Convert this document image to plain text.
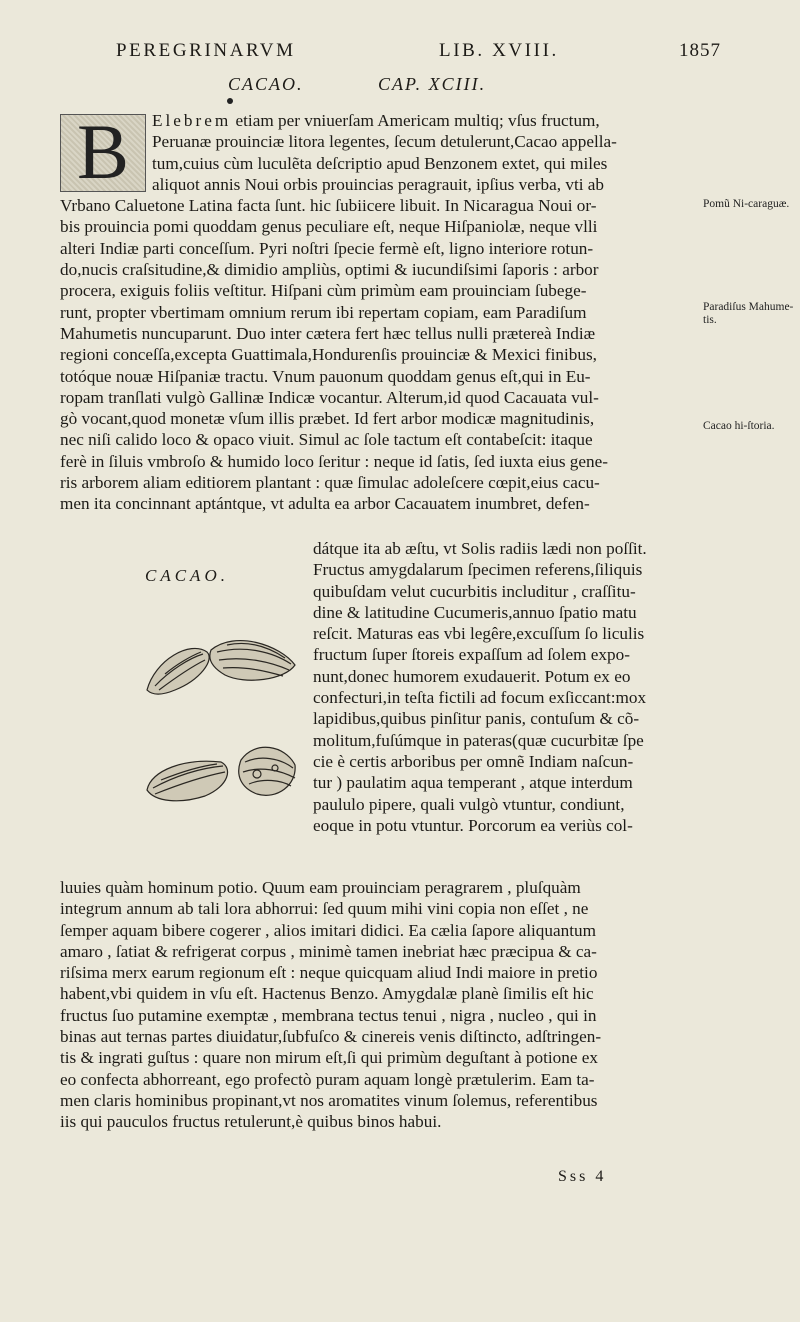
PEREGRINARVM	LIB. XVIII.	1857
CACAO.	CAP. XCIII.
B	Elebrem etiam per vniuerſam Americam multiq; vſus fructum,
Peruanæ prouinciæ litora legentes, ſecum detulerunt,Cacao appella-
tum,cuius cùm luculẽta deſcriptio apud Benzonem extet, qui miles
aliquot annis Noui orbis prouincias peragrauit, ipſius verba, vti ab
Vrbano Caluetone Latina facta ſunt. hic ſubiicere libuit. In Nicaragua Noui or-
bis prouincia pomi quoddam genus peculiare eſt, neque Hiſpaniolæ, neque vlli
alteri Indiæ parti conceſſum. Pyri noſtri ſpecie fermè eſt, ligno interiore rotun-
do,nucis craſsitudine,& dimidio ampliùs, optimi & iucundiſsimi ſaporis : arbor
procera, exiguis foliis veſtitur. Hiſpani cùm primùm eam prouinciam ſubege-
runt, propter vbertimam omnium rerum ibi repertam copiam, eam Paradiſum
Mahumetis nuncuparunt. Duo inter cætera fert hæc tellus nulli prætereà Indiæ
regioni conceſſa,excepta Guattimala,Hondurenſis prouinciæ & Mexici finibus,
totóque nouæ Hiſpaniæ tractu. Vnum pauonum quoddam genus eſt,qui in Eu-
ropam tranſlati vulgò Gallinæ Indicæ vocantur. Alterum,id quod Cacauata vul-
gò vocant,quod monetæ vſum illis præbet. Id fert arbor modicæ magnitudinis,
nec niſi calido loco & opaco viuit. Simul ac ſole tactum eſt contabeſcit: itaque
ferè in ſiluis vmbroſo & humido loco ſeritur : neque id ſatis, ſed iuxta eius gene-
ris arborem aliam editiorem plantant : quæ ſimulac adoleſcere cœpit,eius cacu-
men ita concinnant aptántque, vt adulta ea arbor Cacauatem inumbret, defen-

CACAO.
dátque ita ab æſtu, vt Solis radiis lædi non poſſit.
Fructus amygdalarum ſpecimen referens,ſiliquis
quibuſdam velut cucurbitis includitur , craſſitu-
dine & latitudine Cucumeris,annuo ſpatio matu
reſcit. Maturas eas vbi legêre,excuſſum ſo liculis
fructum ſuper ſtoreis expaſſum ad ſolem expo-
nunt,donec humorem exudauerit. Potum ex eo
confecturi,in teſta fictili ad focum exſiccant:mox
lapidibus,quibus pinſitur panis, contuſum & cõ-
molitum,fuſúmque in pateras(quæ cucurbitæ ſpe
cie è certis arboribus per omnẽ Indiam naſcun-
tur ) paulatim aqua temperant , atque interdum
paululo pipere, quali vulgò vtuntur, condiunt,
eoque in potu vtuntur. Porcorum ea veriùs col-
luuies quàm hominum potio. Quum eam prouinciam peragrarem , pluſquàm
integrum annum ab tali lora abhorrui: ſed quum mihi vini copia non eſſet , ne
ſemper aquam bibere cogerer , alios imitari didici. Ea cælia ſapore aliquantum
amaro , ſatiat & refrigerat corpus , minimè tamen inebriat hæc præcipua & ca-
riſsima merx earum regionum eſt : neque quicquam aliud Indi maiore in pretio
habent,vbi quidem in vſu eſt. Hactenus Benzo. Amygdalæ planè ſimilis eſt hic
fructus ſuo putamine exemptæ , membrana tectus tenui , nigra , nucleo , qui in
binas aut ternas partes diuidatur,ſubfuſco & cinereis venis diſtincto, adſtringen-
tis & ingrati guſtus : quare non mirum eſt,ſi qui primùm deguſtant à potione ex
eo confecta abhorreant, ego profectò puram aquam longè prætulerim. Eam ta-
men claris hominibus propinant,vt nos aromatites vinum ſolemus, referentibus
iis qui pauculos fructus retulerunt,è quibus binos habui.
Pomũ Ni-caraguæ.
Paradiſus Mahume-tis.
Cacao hi-ſtoria.
Sss 4
